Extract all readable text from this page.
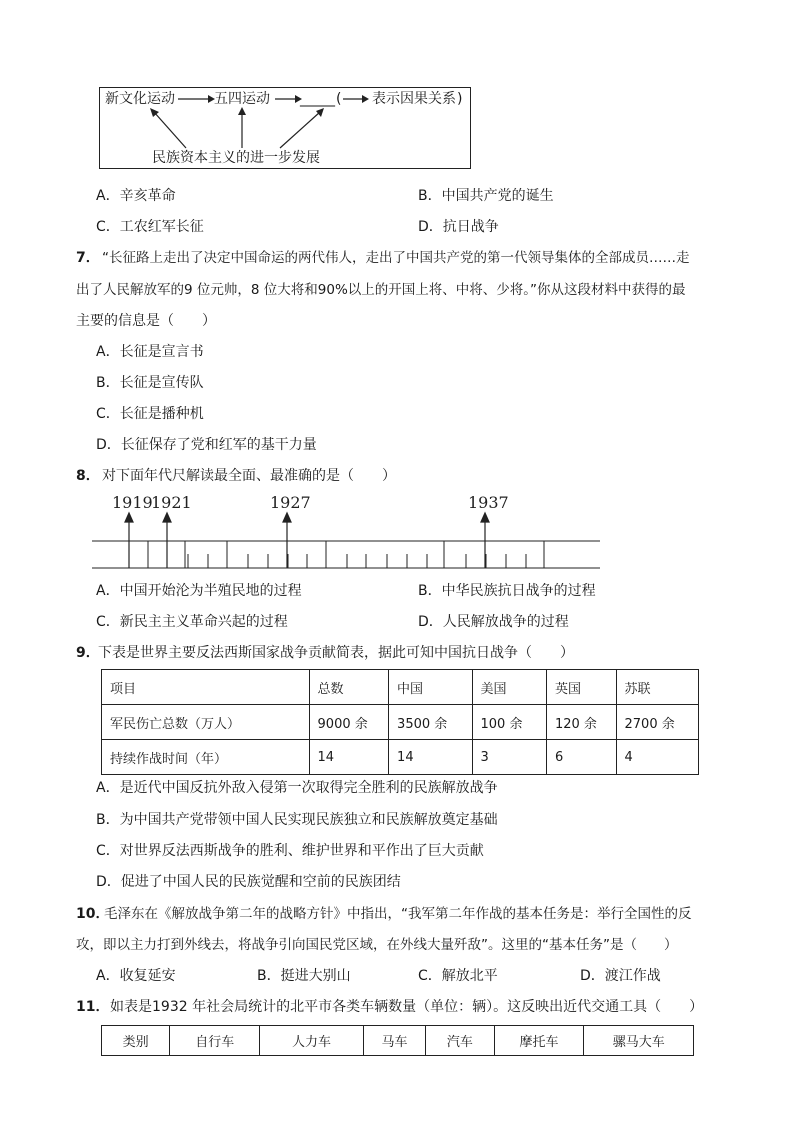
新文化运动	五四运动 _____ ( 表示因果关系 )
民族资本主义的进一步发展
A．辛亥革命	B．中国共产党的诞生
C．工农红军长征	D．抗日战争
7． “长征路上走出了决定中国命运的两代伟人，走出了中国共产党的第一代领导集体的全部成员……走
出了人民解放军的9 位元帅，8 位大将和90%以上的开国上将、中将、少将。”你从这段材料中获得的最
主要的信息是（　　）
A．长征是宣言书
B．长征是宣传队
C．长征是播种机
D．长征保存了党和红军的基干力量
8． 对下面年代尺解读最全面、最准确的是（　　）
1919
1921	1927	1937
A．中国开始沦为半殖民地的过程	B．中华民族抗日战争的过程
C．新民主主义革命兴起的过程	D．人民解放战争的过程
9．
下表是世界主要反法西斯国家战争贡献简表，据此可知中国抗日战争（　　）
项目	总数	中国	美国	英国	苏联
军民伤亡总数（万人）	9000 余	3500 余	100 余	120 余	2700 余
持续作战时间（年）	14	14	3	6	4
A．是近代中国反抗外敌入侵第一次取得完全胜利的民族解放战争
B．为中国共产党带领中国人民实现民族独立和民族解放奠定基础
C．对世界反法西斯战争的胜利、维护世界和平作出了巨大贡献
D．促进了中国人民的民族觉醒和空前的民族团结
10．
毛泽东在《解放战争第二年的战略方针》中指出，“我军第二年作战的基本任务是：举行全国性的反
攻，即以主力打到外线去，将战争引向国民党区域，在外线大量歼敌”。这里的“基本任务”是（　　）
A．收复延安	B．挺进大别山	C．解放北平	D．渡江作战
11． 如表是1932 年社会局统计的北平市各类车辆数量（单位：辆）。这反映出近代交通工具（　　）
类别	自行车	人力车	马车	汽车	摩托车	骡马大车
